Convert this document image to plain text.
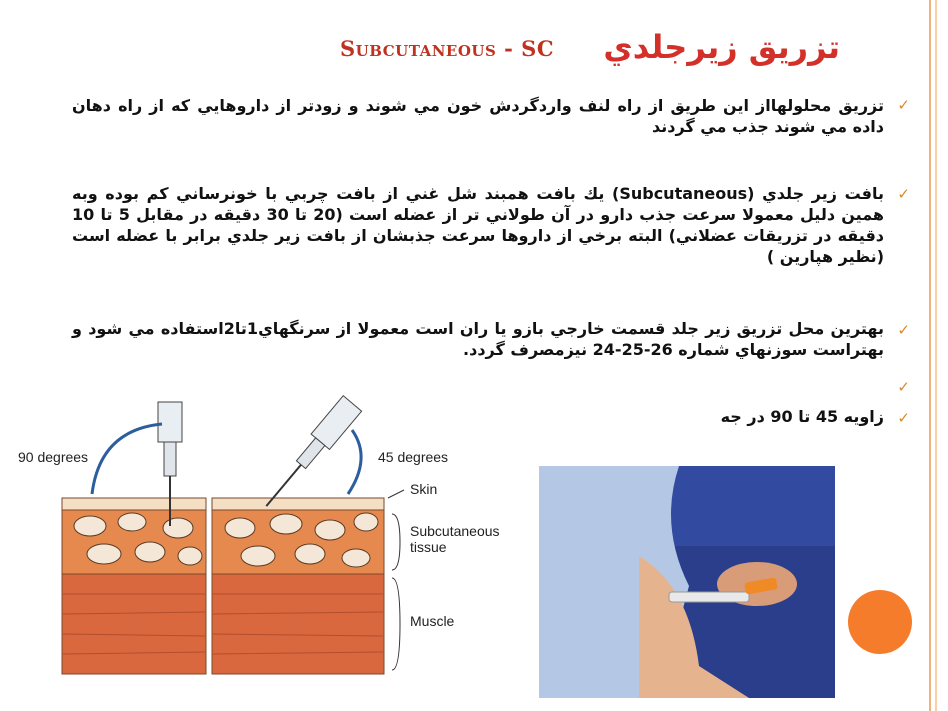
Subcutaneous - SC تزريق زيرجلدي
✓
تزريق محلولهااز اين طريق از راه لنف واردگردش خون مي شوند و زودتر از داروهايي كه از راه دهان داده مي شوند جذب مي گردند
✓
بافت زير جلدي (Subcutaneous) يك بافت همبند شل غني از بافت چربي با خونرساني كم بوده وبه همين دليل معمولا سرعت جذب دارو در آن طولاني تر از عضله است (20 تا 30 دقيقه در مقابل 5 تا 10 دقيقه در تزريقات عضلاني) البته برخي از داروها سرعت جذبشان از بافت زير جلدي برابر با عضله است (نظير هپارين )
✓
بهترين محل تزريق زير جلد قسمت خارجي بازو يا ران است معمولا از سرنگهاي1تا2استفاده مي شود و بهتراست سوزنهاي شماره 26-25-24 نيزمصرف گردد.
✓
✓
زاويه 45 تا 90 در جه
90 degrees	45 degrees
Skin
Subcutaneous
tissue
Muscle
